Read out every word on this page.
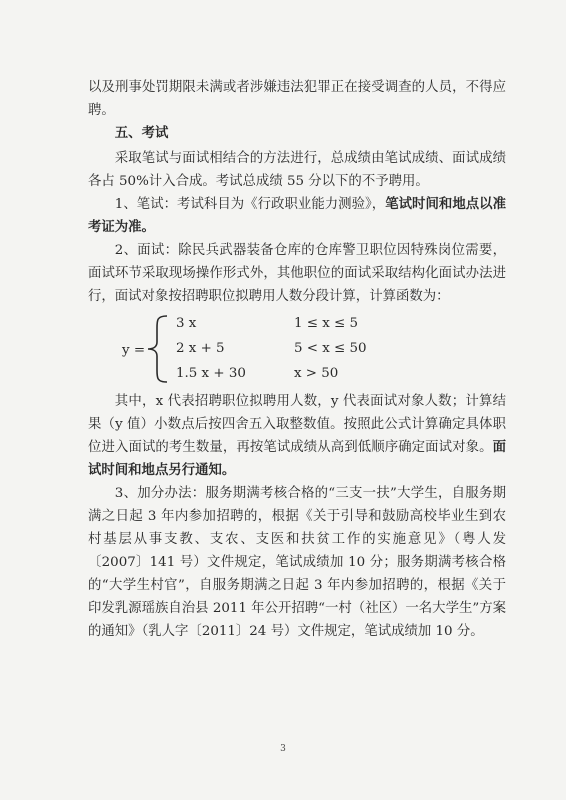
以及刑事处罚期限未满或者涉嫌违法犯罪正在接受调查的人员，不得应聘。

五、考试

采取笔试与面试相结合的方法进行，总成绩由笔试成绩、面试成绩各占 50%计入合成。考试总成绩 55 分以下的不予聘用。

1、笔试：考试科目为《行政职业能力测验》，笔试时间和地点以准考证为准。

2、面试：除民兵武器装备仓库的仓库警卫职位因特殊岗位需要，面试环节采取现场操作形式外，其他职位的面试采取结构化面试办法进行，面试对象按招聘职位拟聘用人数分段计算，计算函数为：

y =
3 x	1 ≤ x ≤ 5
2 x + 5	5 < x ≤ 50
1.5 x + 30	x > 50

其中，x 代表招聘职位拟聘用人数，y 代表面试对象人数；计算结果（y 值）小数点后按四舍五入取整数值。按照此公式计算确定具体职位进入面试的考生数量，再按笔试成绩从高到低顺序确定面试对象。面试时间和地点另行通知。

3、加分办法：服务期满考核合格的“三支一扶”大学生，自服务期满之日起 3 年内参加招聘的，根据《关于引导和鼓励高校毕业生到农村基层从事支教、支农、支医和扶贫工作的实施意见》（粤人发〔2007〕141 号）文件规定，笔试成绩加 10 分；服务期满考核合格的“大学生村官”，自服务期满之日起 3 年内参加招聘的，根据《关于印发乳源瑶族自治县 2011 年公开招聘“一村（社区）一名大学生”方案的通知》（乳人字〔2011〕24 号）文件规定，笔试成绩加 10 分。

3
